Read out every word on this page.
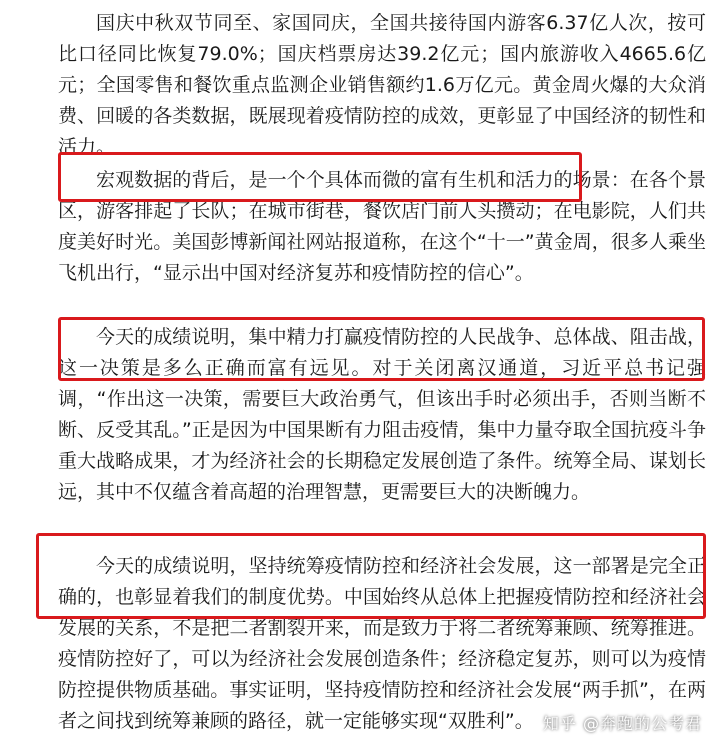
国庆中秋双节同至、家国同庆，全国共接待国内游客6.37亿人次，按可比口径同比恢复79.0%；国庆档票房达39.2亿元；国内旅游收入4665.6亿元；全国零售和餐饮重点监测企业销售额约1.6万亿元。黄金周火爆的大众消费、回暖的各类数据，既展现着疫情防控的成效，更彰显了中国经济的韧性和活力。

宏观数据的背后，是一个个具体而微的富有生机和活力的场景：在各个景区，游客排起了长队；在城市街巷，餐饮店门前人头攒动；在电影院，人们共度美好时光。美国彭博新闻社网站报道称，在这个“十一”黄金周，很多人乘坐飞机出行，“显示出中国对经济复苏和疫情防控的信心”。

今天的成绩说明，集中精力打赢疫情防控的人民战争、总体战、阻击战，这一决策是多么正确而富有远见。对于关闭离汉通道，习近平总书记强调，“作出这一决策，需要巨大政治勇气，但该出手时必须出手，否则当断不断、反受其乱。”正是因为中国果断有力阻击疫情，集中力量夺取全国抗疫斗争重大战略成果，才为经济社会的长期稳定发展创造了条件。统筹全局、谋划长远，其中不仅蕴含着高超的治理智慧，更需要巨大的决断魄力。

今天的成绩说明，坚持统筹疫情防控和经济社会发展，这一部署是完全正确的，也彰显着我们的制度优势。中国始终从总体上把握疫情防控和经济社会发展的关系，不是把二者割裂开来，而是致力于将二者统筹兼顾、统筹推进。疫情防控好了，可以为经济社会发展创造条件；经济稳定复苏，则可以为疫情防控提供物质基础。事实证明，坚持疫情防控和经济社会发展“两手抓”，在两者之间找到统筹兼顾的路径，就一定能够实现“双胜利”。 知乎 @奔跑的公考君
